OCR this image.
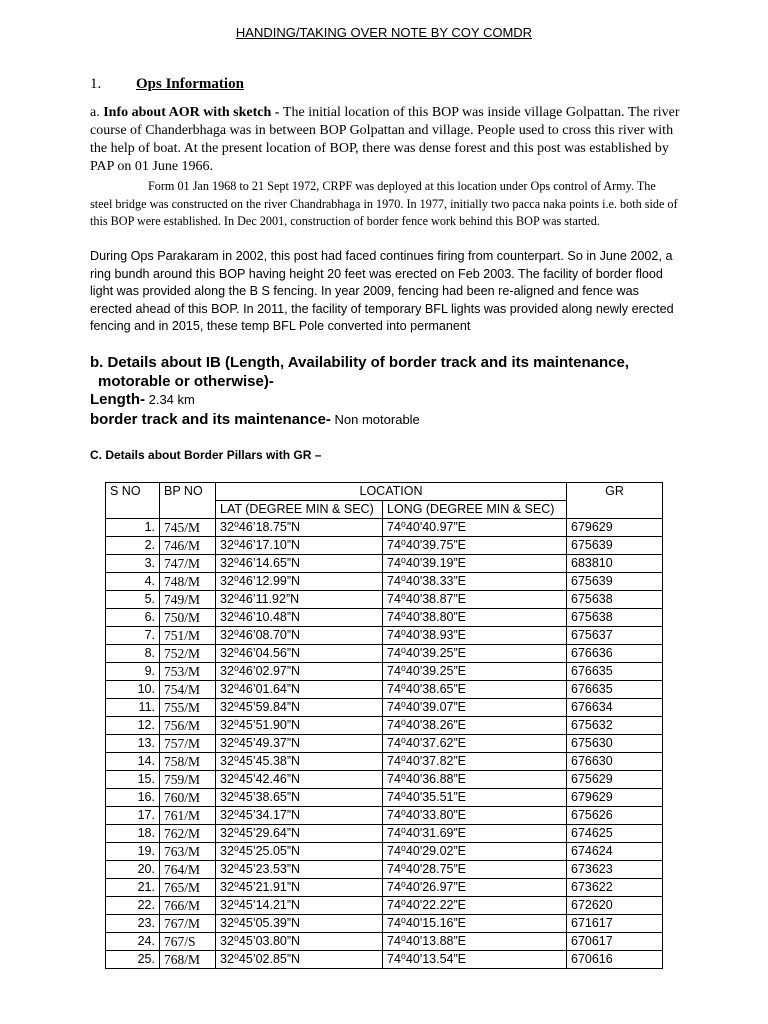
HANDING/TAKING OVER NOTE BY COY COMDR
1. Ops Information
a. Info about AOR with sketch - The initial location of this BOP was inside village Golpattan. The river course of Chanderbhaga was in between BOP Golpattan and village. People used to cross this river with the help of boat. At the present location of BOP, there was dense forest and this post was established by PAP on 01 June 1966.
Form 01 Jan 1968 to 21 Sept 1972, CRPF was deployed at this location under Ops control of Army. The steel bridge was constructed on the river Chandrabhaga in 1970. In 1977, initially two pacca naka points i.e. both side of this BOP were established. In Dec 2001, construction of border fence work behind this BOP was started.
During Ops Parakaram in 2002, this post had faced continues firing from counterpart. So in June 2002, a ring bundh around this BOP having height 20 feet was erected on Feb 2003. The facility of border flood light was provided along the B S fencing. In year 2009, fencing had been re-aligned and fence was erected ahead of this BOP. In 2011, the facility of temporary BFL lights was provided along newly erected fencing and in 2015, these temp BFL Pole converted into permanent
b. Details about IB (Length, Availability of border track and its maintenance,
motorable or otherwise)-
Length- 2.34 km
border track and its maintenance- Non motorable
C. Details about Border Pillars with GR –
S NO	BP NO	LOCATION		GR
		LAT (DEGREE MIN & SEC)	LONG (DEGREE MIN & SEC)	
1.	745/M	32⁰46’18.75”N	74⁰40'40.97”E	679629
2.	746/M	32⁰46’17.10”N	74⁰40'39.75”E	675639
3.	747/M	32⁰46’14.65”N	74⁰40'39.19”E	683810
4.	748/M	32⁰46’12.99”N	74⁰40'38.33”E	675639
5.	749/M	32⁰46’11.92”N	74⁰40'38.87”E	675638
6.	750/M	32⁰46’10.48”N	74⁰40'38.80”E	675638
7.	751/M	32⁰46’08.70”N	74⁰40'38.93”E	675637
8.	752/M	32⁰46’04.56”N	74⁰40'39.25”E	676636
9.	753/M	32⁰46’02.97”N	74⁰40'39.25”E	676635
10.	754/M	32⁰46’01.64”N	74⁰40'38.65”E	676635
11.	755/M	32⁰45’59.84”N	74⁰40'39.07”E	676634
12.	756/M	32⁰45’51.90”N	74⁰40'38.26”E	675632
13.	757/M	32⁰45’49.37”N	74⁰40'37.62”E	675630
14.	758/M	32⁰45’45.38”N	74⁰40'37.82”E	676630
15.	759/M	32⁰45’42.46”N	74⁰40'36.88”E	675629
16.	760/M	32⁰45’38.65”N	74⁰40'35.51”E	679629
17.	761/M	32⁰45’34.17”N	74⁰40'33.80”E	675626
18.	762/M	32⁰45’29.64”N	74⁰40'31.69”E	674625
19.	763/M	32⁰45’25.05”N	74⁰40'29.02”E	674624
20.	764/M	32⁰45’23.53”N	74⁰40'28.75”E	673623
21.	765/M	32⁰45’21.91”N	74⁰40'26.97”E	673622
22.	766/M	32⁰45’14.21”N	74⁰40'22.22”E	672620
23.	767/M	32⁰45’05.39”N	74⁰40'15.16”E	671617
24.	767/S	32⁰45’03.80”N	74⁰40'13.88”E	670617
25.	768/M	32⁰45’02.85”N	74⁰40'13.54”E	670616
